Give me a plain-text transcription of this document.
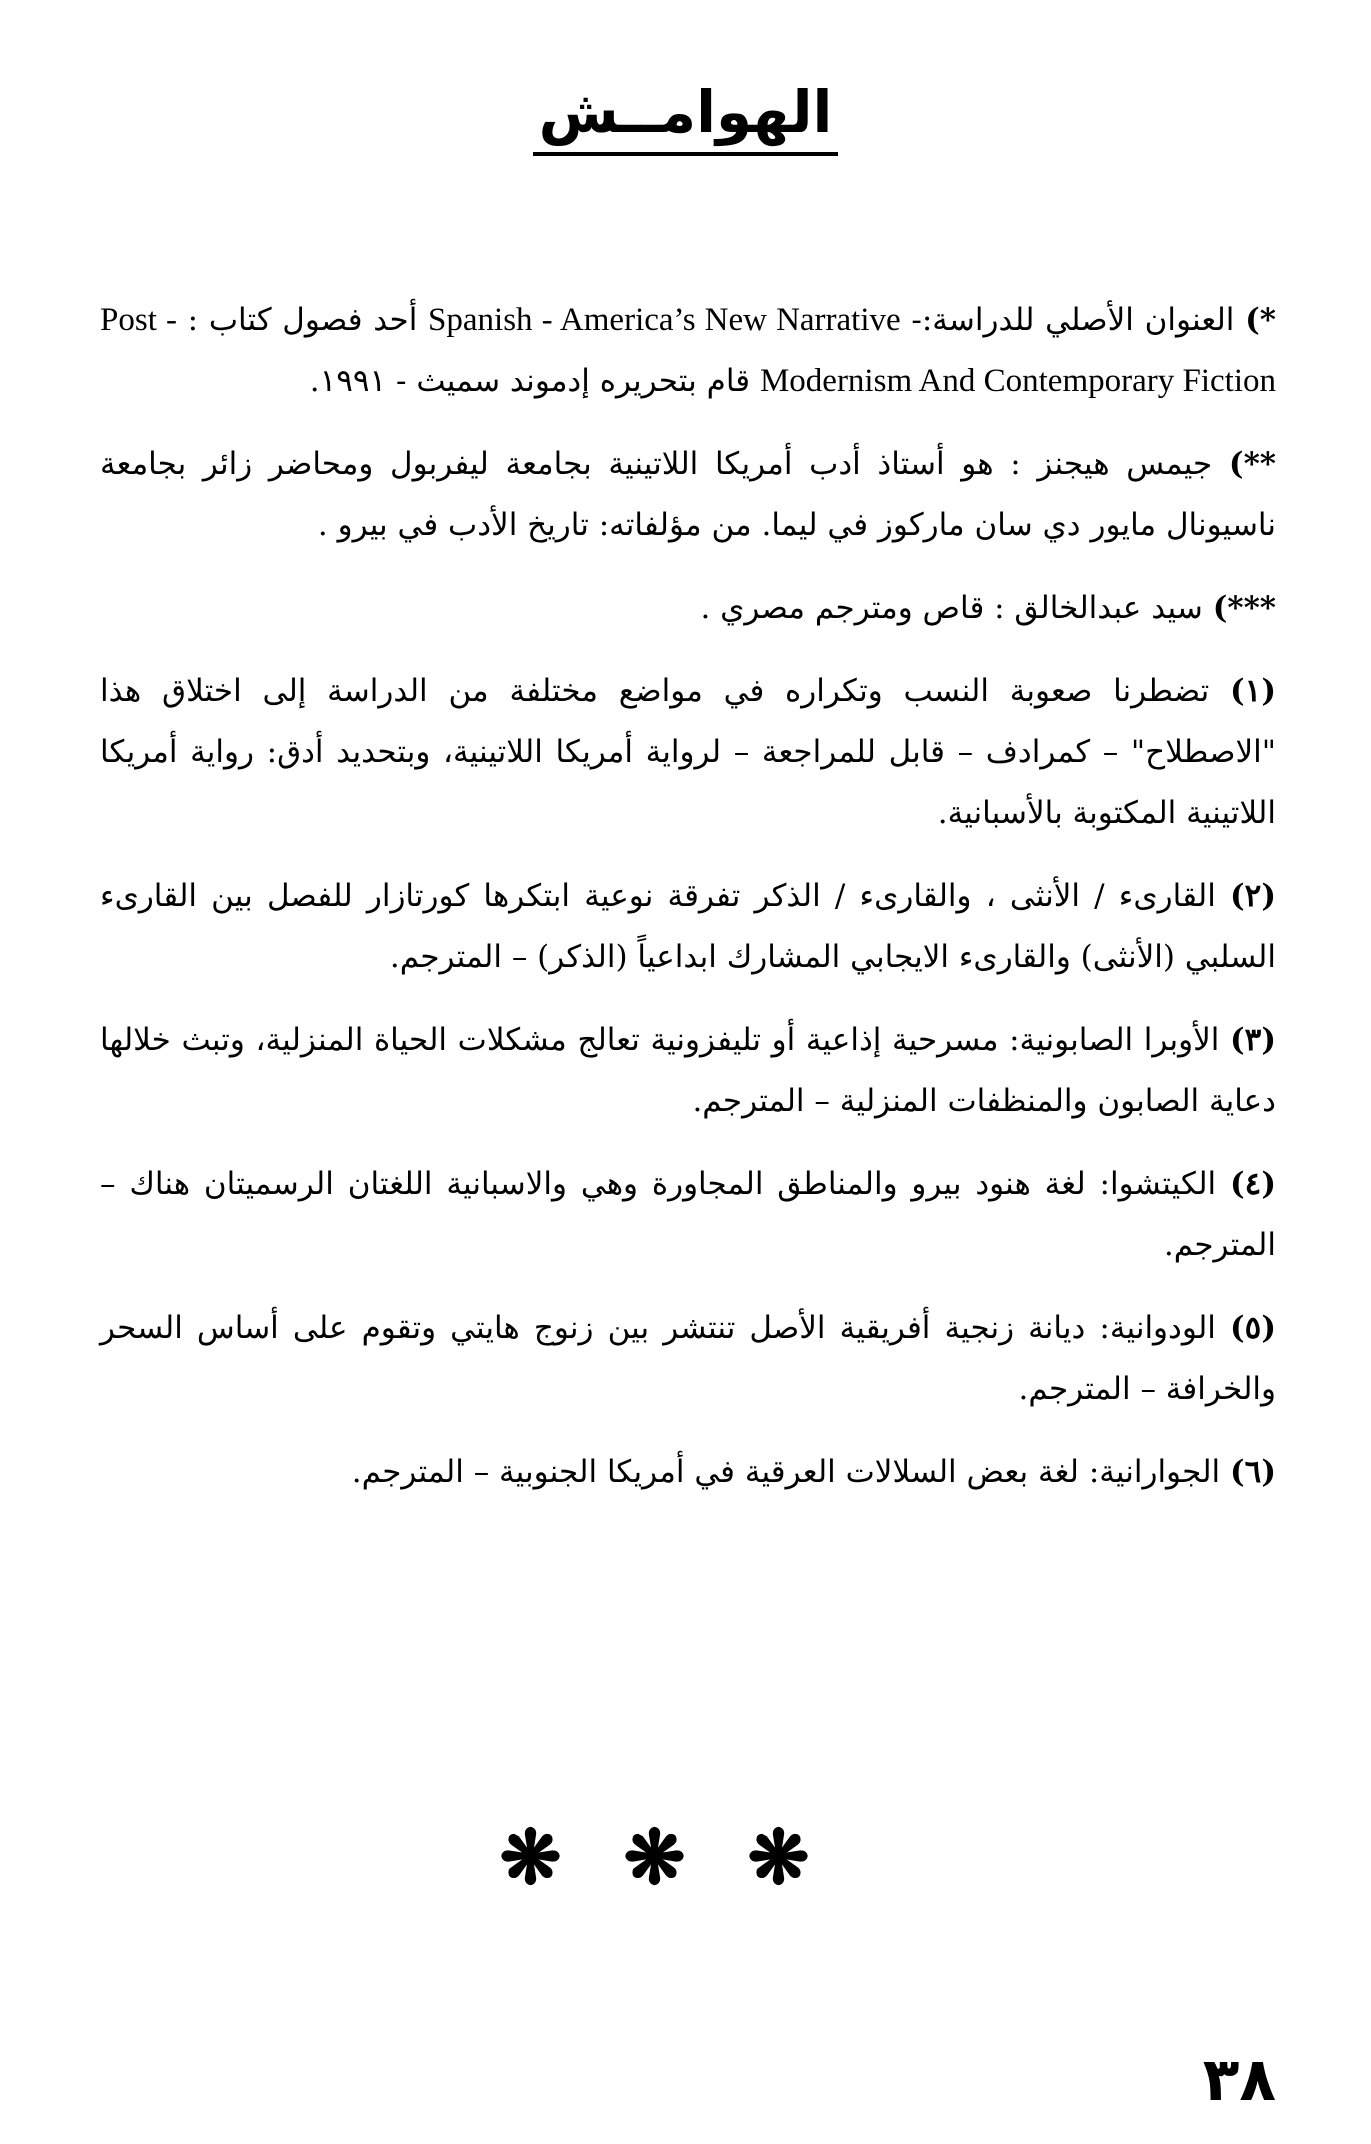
الهوامــش

*) العنوان الأصلي للدراسة:- Spanish - America’s New Narrative أحد فصول كتاب : Post - Modernism And Contemporary Fiction قام بتحريره إدموند سميث - ١٩٩١.

**) جيمس هيجنز : هو أستاذ أدب أمريكا اللاتينية بجامعة ليفربول ومحاضر زائر بجامعة ناسيونال مايور دي سان ماركوز في ليما. من مؤلفاته: تاريخ الأدب في بيرو .

***) سيد عبدالخالق : قاص ومترجم مصري .

(١) تضطرنا صعوبة النسب وتكراره في مواضع مختلفة من الدراسة إلى اختلاق هذا "الاصطلاح" – كمرادف – قابل للمراجعة – لرواية أمريكا اللاتينية، وبتحديد أدق: رواية أمريكا اللاتينية المكتوبة بالأسبانية.

(٢) القارىء / الأنثى ، والقارىء / الذكر تفرقة نوعية ابتكرها كورتازار للفصل بين القارىء السلبي (الأنثى) والقارىء الايجابي المشارك ابداعياً (الذكر) – المترجم.

(٣) الأوبرا الصابونية: مسرحية إذاعية أو تليفزونية تعالج مشكلات الحياة المنزلية، وتبث خلالها دعاية الصابون والمنظفات المنزلية – المترجم.

(٤) الكيتشوا: لغة هنود بيرو والمناطق المجاورة وهي والاسبانية اللغتان الرسميتان هناك – المترجم.

(٥) الودوانية: ديانة زنجية أفريقية الأصل تنتشر بين زنوج هايتي وتقوم على أساس السحر والخرافة – المترجم.

(٦) الجوارانية: لغة بعض السلالات العرقية في أمريكا الجنوبية – المترجم.

❋❋❋
٣٨
